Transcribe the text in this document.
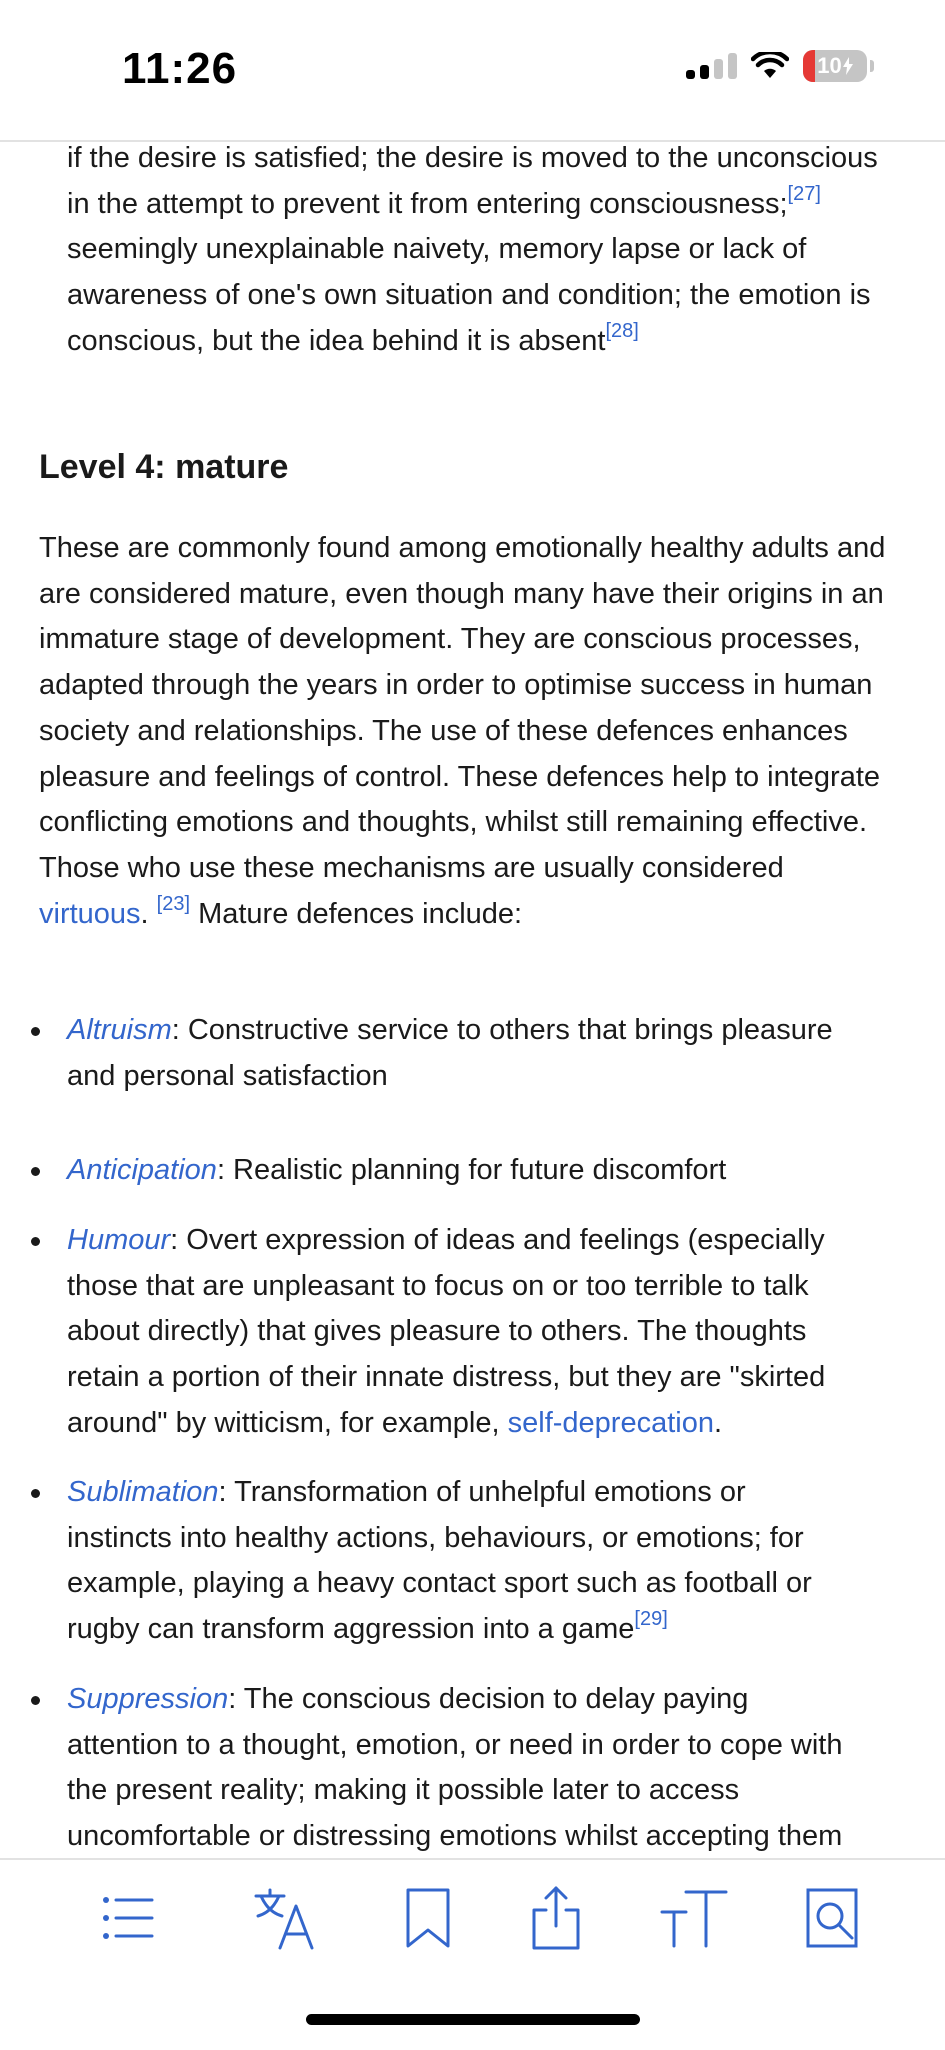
11:26	10

if the desire is satisfied; the desire is moved to the unconscious in the attempt to prevent it from entering consciousness;[27] seemingly unexplainable naivety, memory lapse or lack of awareness of one's own situation and condition; the emotion is conscious, but the idea behind it is absent[28]

Level 4: mature

These are commonly found among emotionally healthy adults and are considered mature, even though many have their origins in an immature stage of development. They are conscious processes, adapted through the years in order to optimise success in human society and relationships. The use of these defences enhances pleasure and feelings of control. These defences help to integrate conflicting emotions and thoughts, whilst still remaining effective. Those who use these mechanisms are usually considered virtuous. [23] Mature defences include:

Altruism: Constructive service to others that brings pleasure and personal satisfaction

Anticipation: Realistic planning for future discomfort

Humour: Overt expression of ideas and feelings (especially those that are unpleasant to focus on or too terrible to talk about directly) that gives pleasure to others. The thoughts retain a portion of their innate distress, but they are "skirted around" by witticism, for example, self-deprecation.

Sublimation: Transformation of unhelpful emotions or instincts into healthy actions, behaviours, or emotions; for example, playing a heavy contact sport such as football or rugby can transform aggression into a game[29]

Suppression: The conscious decision to delay paying attention to a thought, emotion, or need in order to cope with the present reality; making it possible later to access uncomfortable or distressing emotions whilst accepting them
